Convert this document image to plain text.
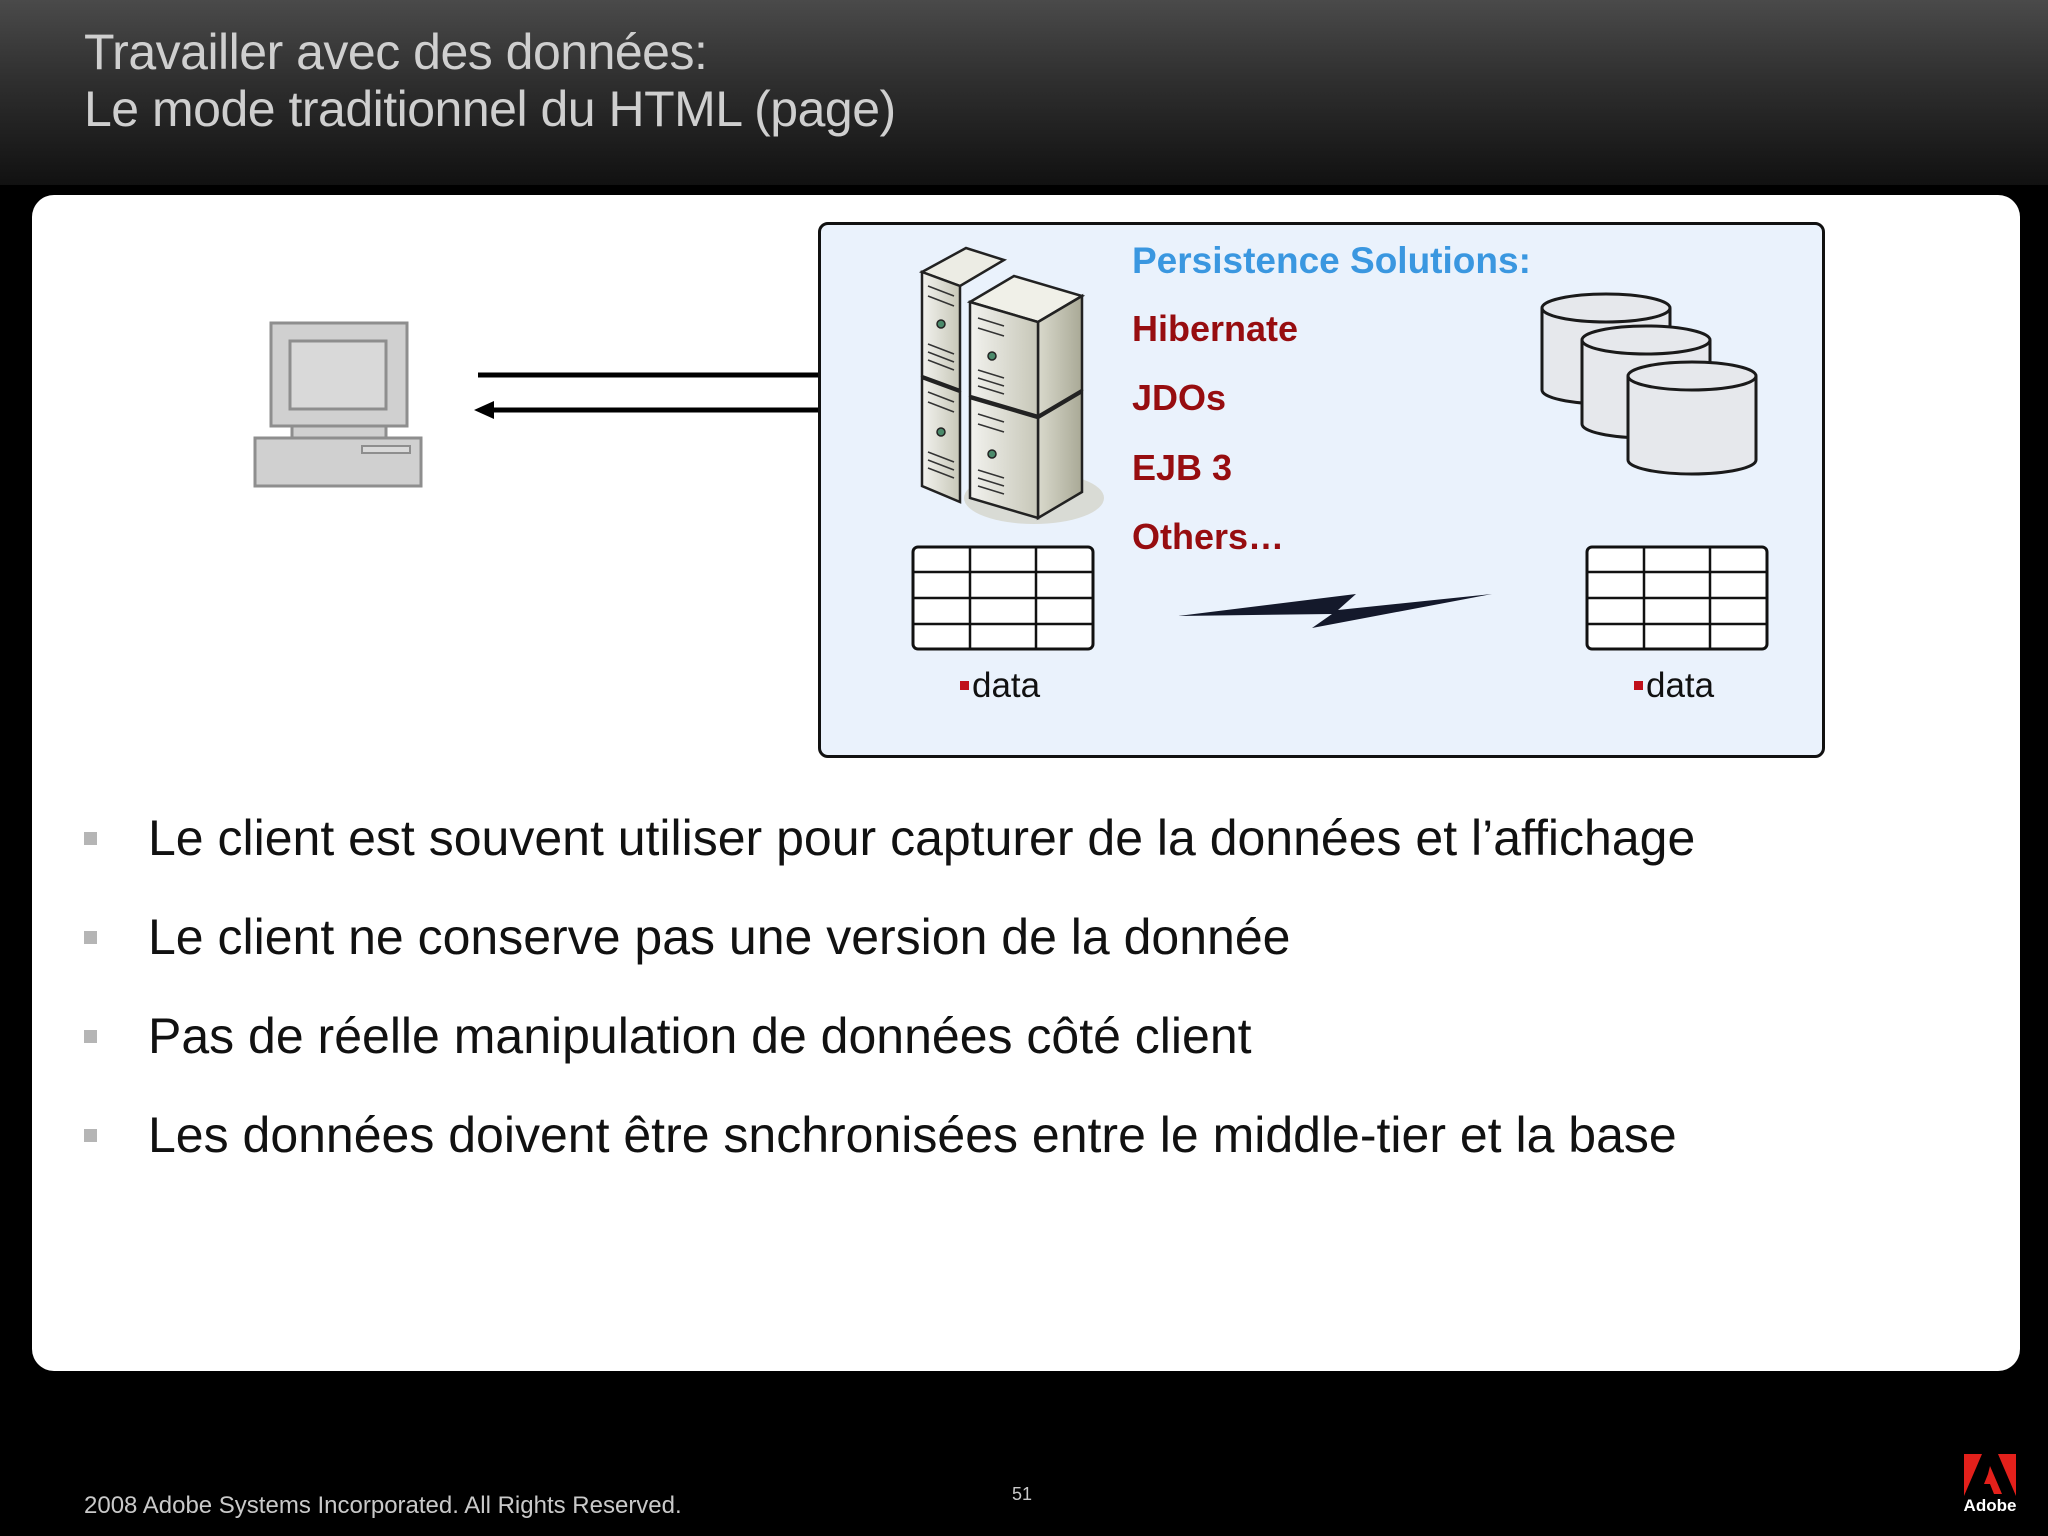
Travailler avec des données:
Le mode traditionnel du HTML (page)
Persistence Solutions:
Hibernate
JDOs
EJB 3
Others…
data	data
Le client est souvent utiliser pour capturer de la données et l’affichage
Le client ne conserve pas une version de la donnée
Pas de réelle manipulation de données côté client
Les données doivent être snchronisées entre le middle-tier et la base
2008 Adobe Systems Incorporated. All Rights Reserved.	51
Adobe
